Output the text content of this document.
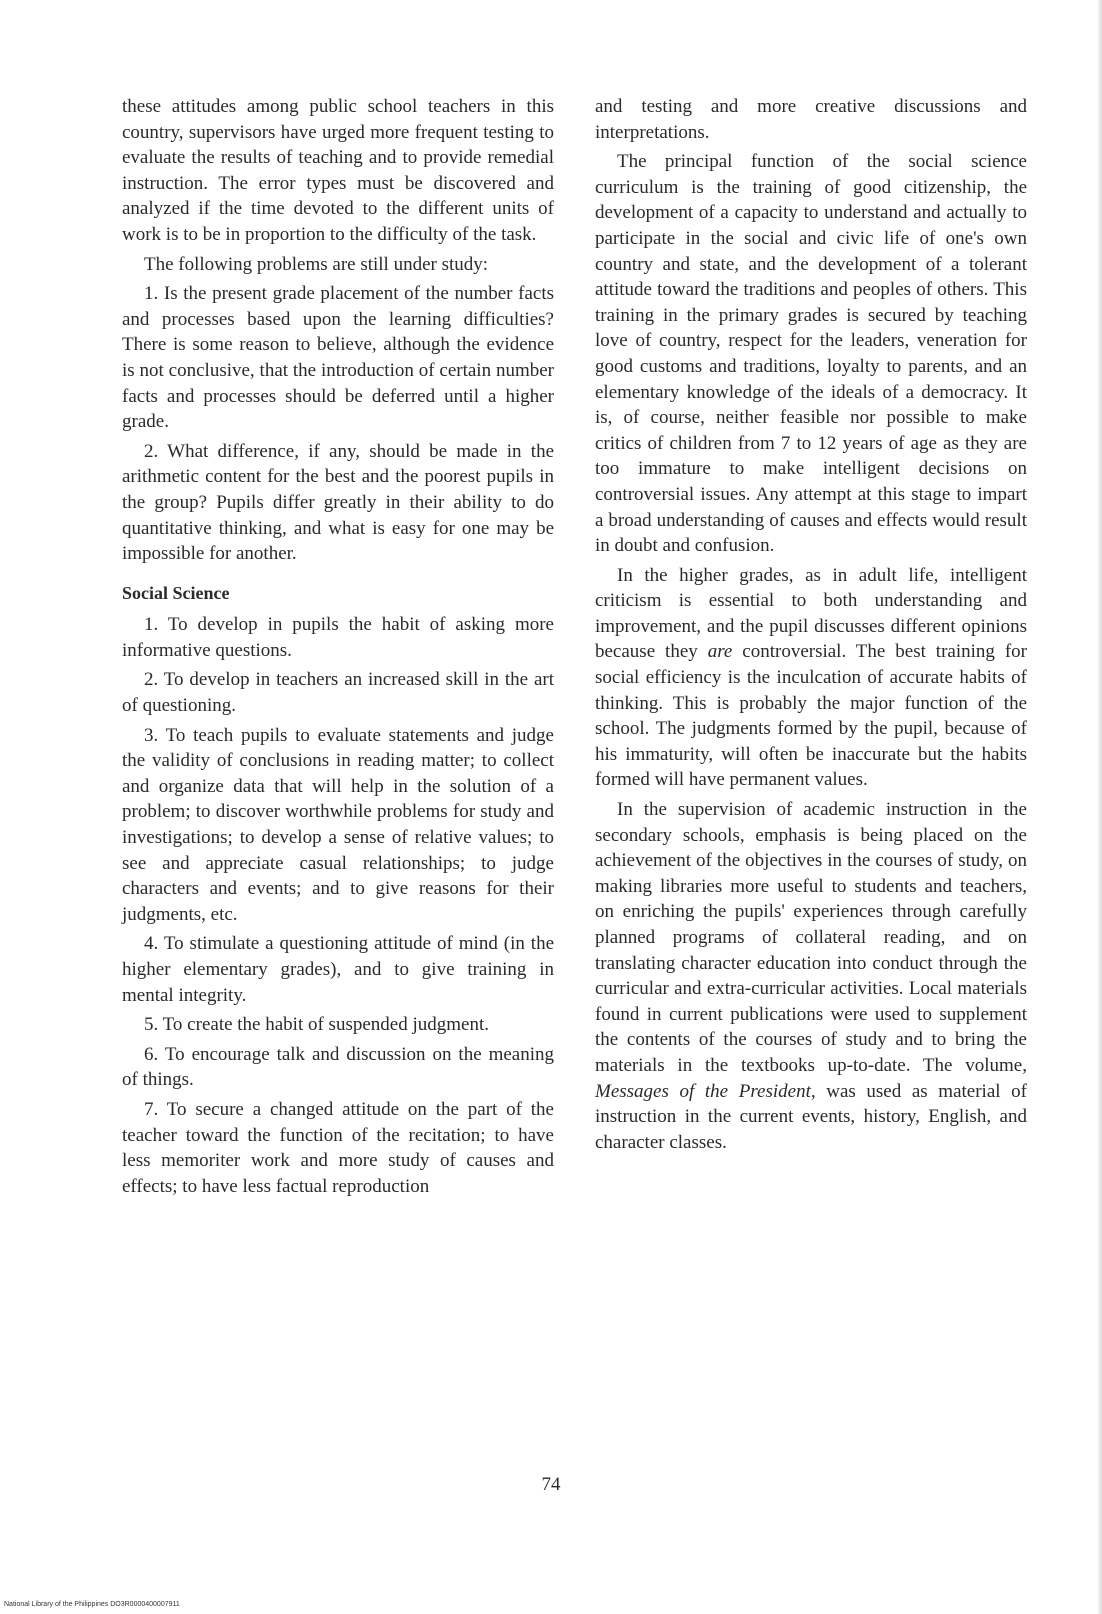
these attitudes among public school teachers in this country, supervisors have urged more frequent testing to evaluate the results of teaching and to provide remedial instruction. The error types must be discovered and analyzed if the time devoted to the different units of work is to be in proportion to the difficulty of the task.

The following problems are still under study:

1. Is the present grade placement of the number facts and processes based upon the learning difficulties? There is some reason to believe, although the evidence is not conclusive, that the introduction of certain number facts and processes should be deferred until a higher grade.

2. What difference, if any, should be made in the arithmetic content for the best and the poorest pupils in the group? Pupils differ greatly in their ability to do quantitative thinking, and what is easy for one may be impossible for another.

Social Science

1. To develop in pupils the habit of asking more informative questions.

2. To develop in teachers an increased skill in the art of questioning.

3. To teach pupils to evaluate statements and judge the validity of conclusions in reading matter; to collect and organize data that will help in the solution of a problem; to discover worthwhile problems for study and investigations; to develop a sense of relative values; to see and appreciate casual relationships; to judge characters and events; and to give reasons for their judgments, etc.

4. To stimulate a questioning attitude of mind (in the higher elementary grades), and to give training in mental integrity.

5. To create the habit of suspended judgment.

6. To encourage talk and discussion on the meaning of things.

7. To secure a changed attitude on the part of the teacher toward the function of the recitation; to have less memoriter work and more study of causes and effects; to have less factual reproduction

and testing and more creative discussions and interpretations.

The principal function of the social science curriculum is the training of good citizenship, the development of a capacity to understand and actually to participate in the social and civic life of one's own country and state, and the development of a tolerant attitude toward the traditions and peoples of others. This training in the primary grades is secured by teaching love of country, respect for the leaders, veneration for good customs and traditions, loyalty to parents, and an elementary knowledge of the ideals of a democracy. It is, of course, neither feasible nor possible to make critics of children from 7 to 12 years of age as they are too immature to make intelligent decisions on controversial issues. Any attempt at this stage to impart a broad understanding of causes and effects would result in doubt and confusion.

In the higher grades, as in adult life, intelligent criticism is essential to both understanding and improvement, and the pupil discusses different opinions because they are controversial. The best training for social efficiency is the inculcation of accurate habits of thinking. This is probably the major function of the school. The judgments formed by the pupil, because of his immaturity, will often be inaccurate but the habits formed will have permanent values.

In the supervision of academic instruction in the secondary schools, emphasis is being placed on the achievement of the objectives in the courses of study, on making libraries more useful to students and teachers, on enriching the pupils' experiences through carefully planned programs of collateral reading, and on translating character education into conduct through the curricular and extra-curricular activities. Local materials found in current publications were used to supplement the contents of the courses of study and to bring the materials in the textbooks up-to-date. The volume, Messages of the President, was used as material of instruction in the current events, history, English, and character classes.

74
National Library of the Philippines DO3R0000400007911
